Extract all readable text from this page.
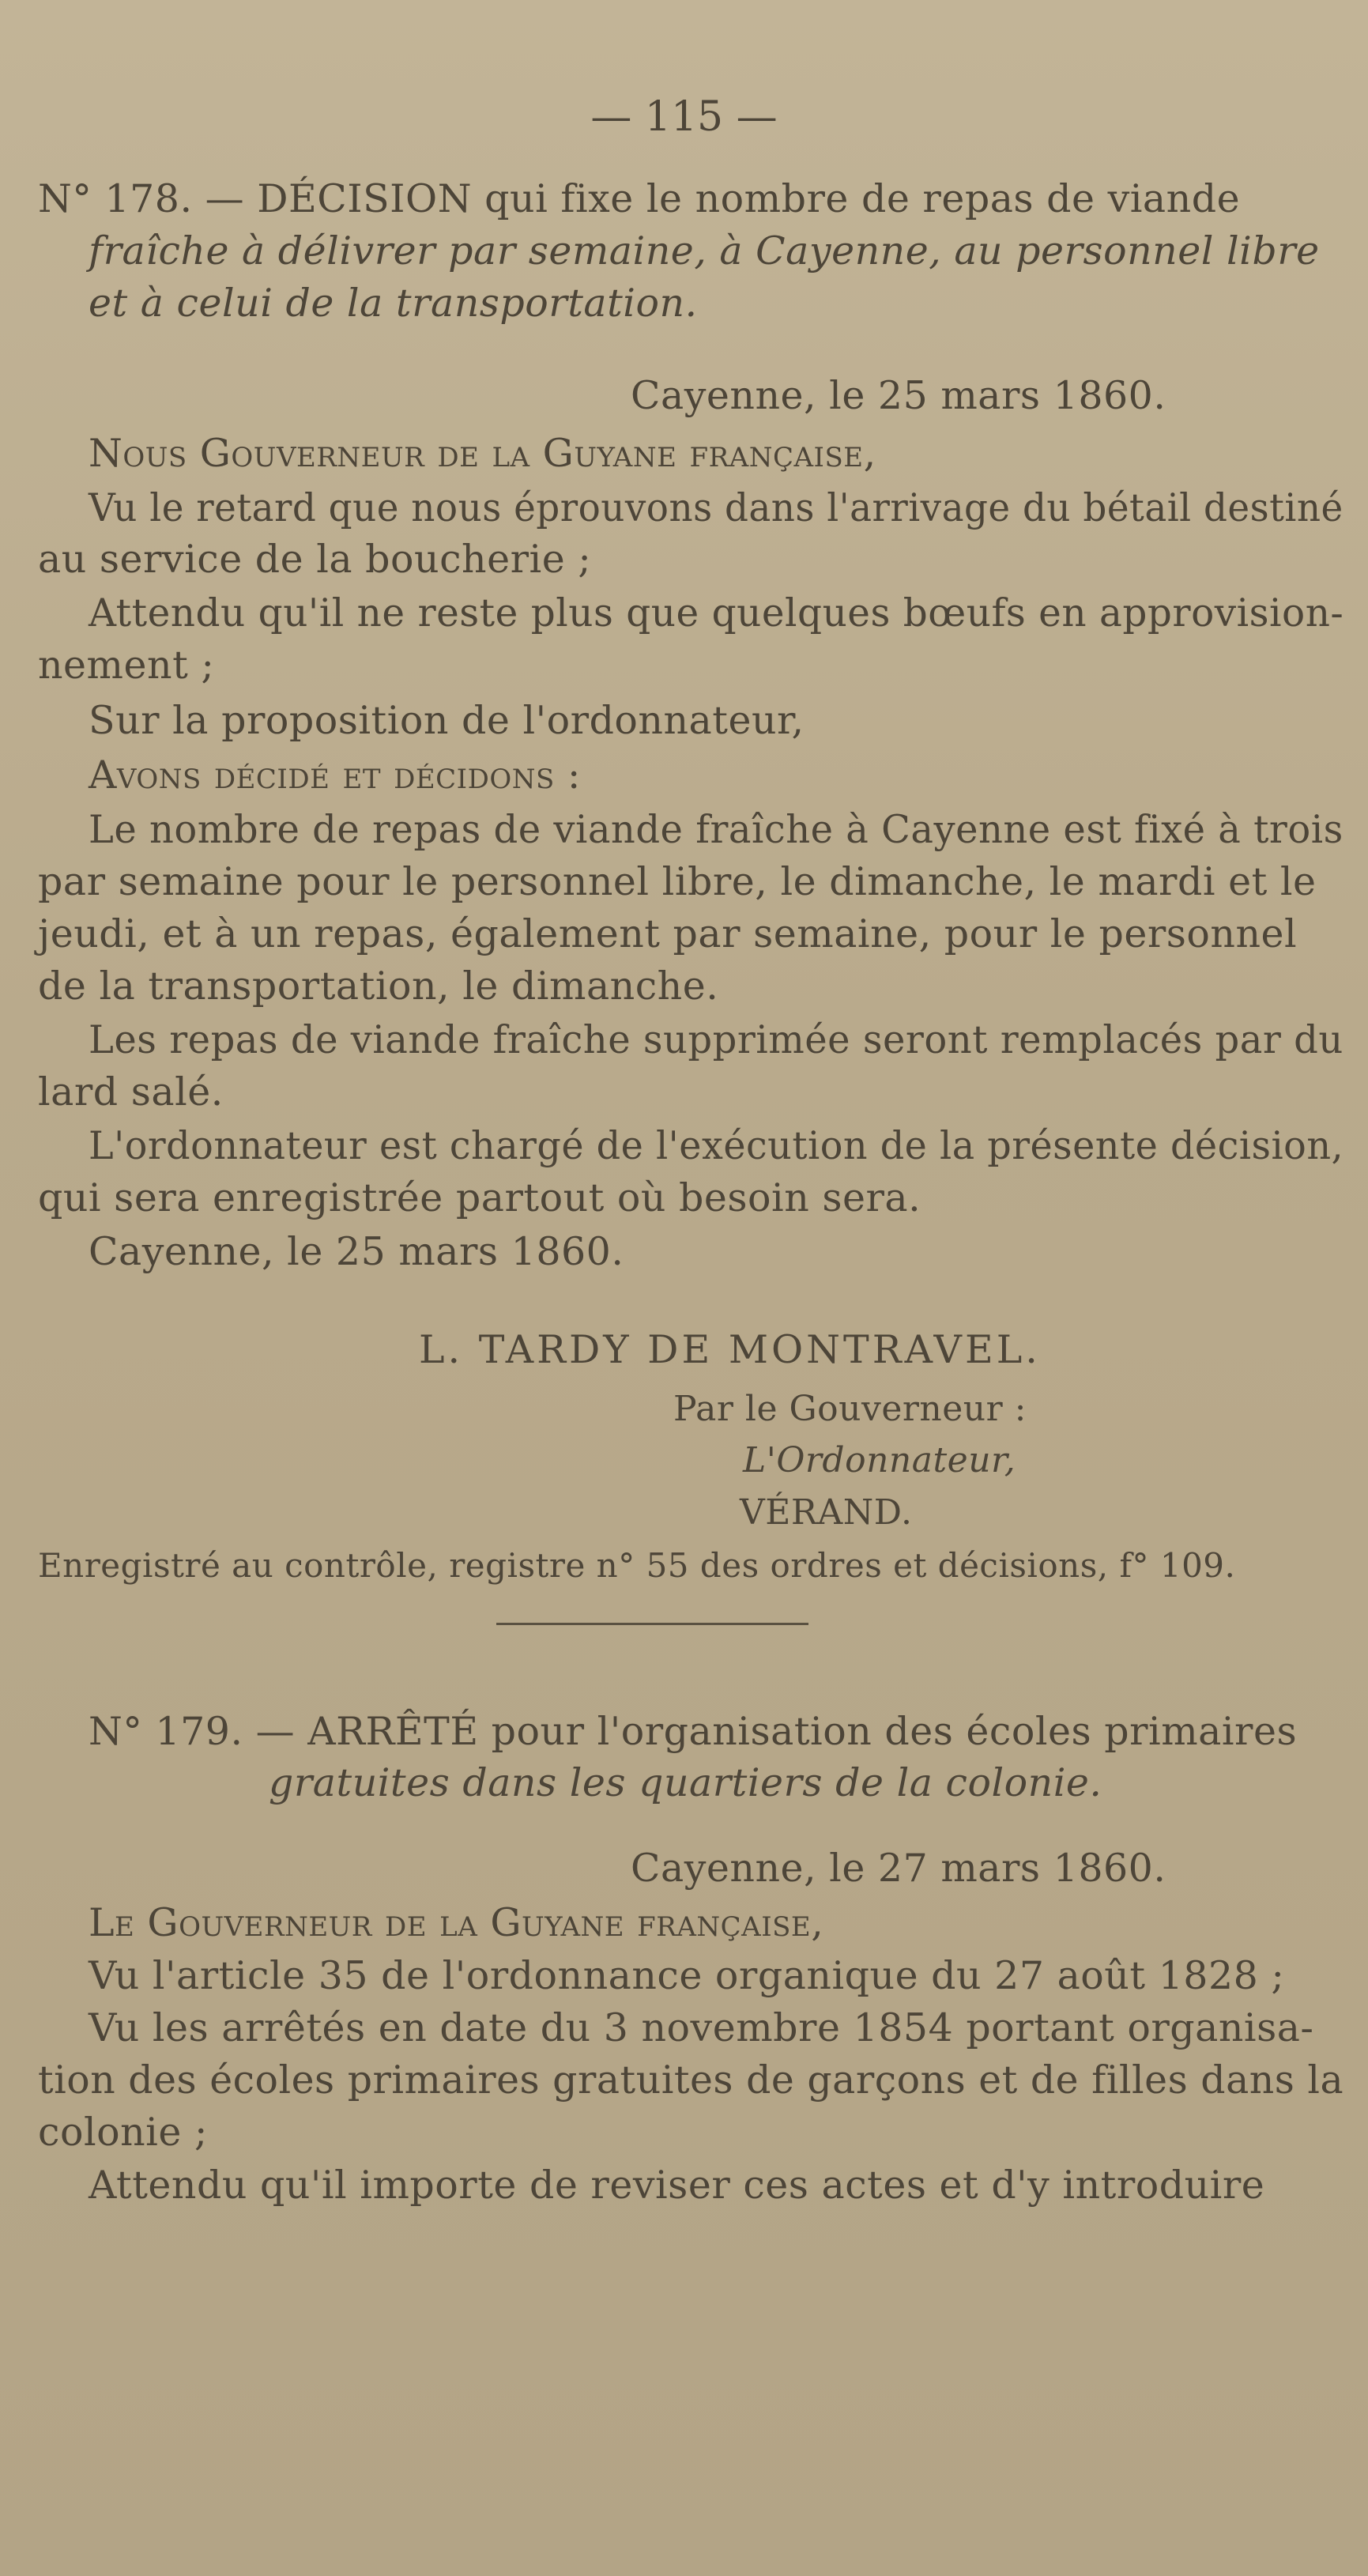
— 115 —
N° 178. — DÉCISION qui fixe le nombre de repas de viande
fraîche à délivrer par semaine, à Cayenne, au personnel libre
et à celui de la transportation.
Cayenne, le 25 mars 1860.
Nous Gouverneur de la Guyane française,
Vu le retard que nous éprouvons dans l'arrivage du bétail destiné
au service de la boucherie ;
Attendu qu'il ne reste plus que quelques bœufs en approvision-
nement ;
Sur la proposition de l'ordonnateur,
Avons décidé et décidons :
Le nombre de repas de viande fraîche à Cayenne est fixé à trois
par semaine pour le personnel libre, le dimanche, le mardi et le
jeudi, et à un repas, également par semaine, pour le personnel
de la transportation, le dimanche.
Les repas de viande fraîche supprimée seront remplacés par du
lard salé.
L'ordonnateur est chargé de l'exécution de la présente décision,
qui sera enregistrée partout où besoin sera.
Cayenne, le 25 mars 1860.
L. TARDY DE MONTRAVEL.
Par le Gouverneur :
L'Ordonnateur,
VÉRAND.
Enregistré au contrôle, registre n° 55 des ordres et décisions, f° 109.
N° 179. — ARRÊTÉ pour l'organisation des écoles primaires
gratuites dans les quartiers de la colonie.
Cayenne, le 27 mars 1860.
Le Gouverneur de la Guyane française,
Vu l'article 35 de l'ordonnance organique du 27 août 1828 ;
Vu les arrêtés en date du 3 novembre 1854 portant organisa-
tion des écoles primaires gratuites de garçons et de filles dans la
colonie ;
Attendu qu'il importe de reviser ces actes et d'y introduire
